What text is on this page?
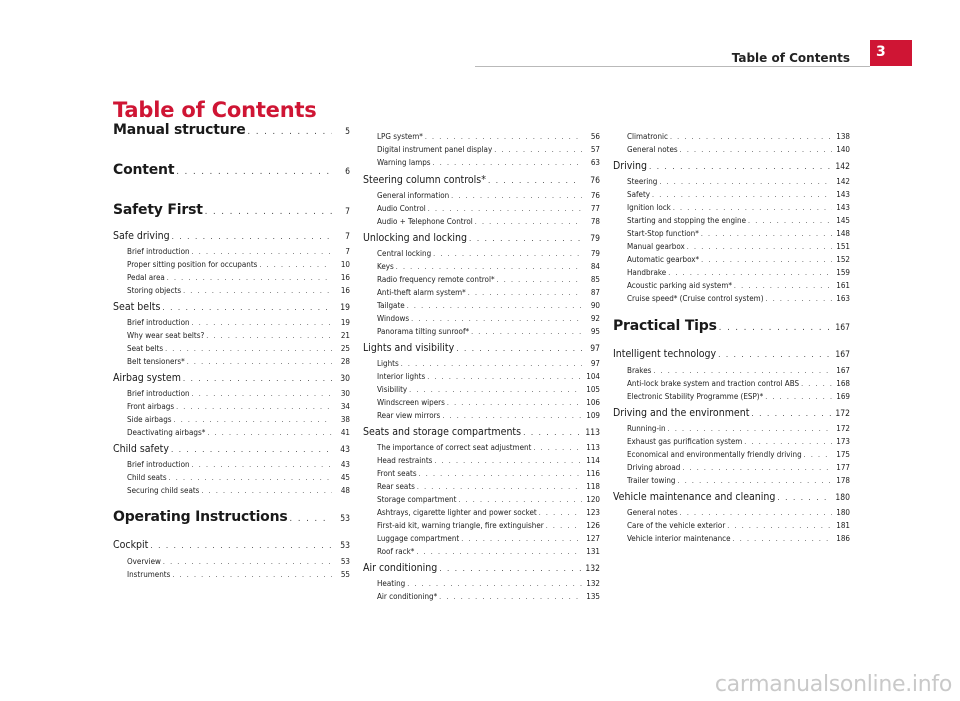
Table of Contents	3
Table of Contents
Manual structure . . .	5
Content . . .	6
Safety First . . .	7
Safe driving . . .	7
Brief introduction . . .	7
Proper sitting position for occupants . . .	10
Pedal area . . .	16
Storing objects . . .	16
Seat belts . . .	19
Brief introduction . . .	19
Why wear seat belts? . . .	21
Seat belts . . .	25
Belt tensioners* . . .	28
Airbag system . . .	30
Brief introduction . . .	30
Front airbags . . .	34
Side airbags . . .	38
Deactivating airbags* . . .	41
Child safety . . .	43
Brief introduction . . .	43
Child seats . . .	45
Securing child seats . . .	48
Operating Instructions . . .	53
Cockpit . . .	53
Overview . . .	53
Instruments . . .	55
LPG system* . . .	56
Digital instrument panel display . . .	57
Warning lamps . . .	63
Steering column controls* . . .	76
General information . . .	76
Audio Control . . .	77
Audio + Telephone Control . . .	78
Unlocking and locking . . .	79
Central locking . . .	79
Keys . . .	84
Radio frequency remote control* . . .	85
Anti-theft alarm system* . . .	87
Tailgate . . .	90
Windows . . .	92
Panorama tilting sunroof* . . .	95
Lights and visibility . . .	97
Lights . . .	97
Interior lights . . .	104
Visibility . . .	105
Windscreen wipers . . .	106
Rear view mirrors . . .	109
Seats and storage compartments . . .	113
The importance of correct seat adjustment . . .	113
Head restraints . . .	114
Front seats . . .	116
Rear seats . . .	118
Storage compartment . . .	120
Ashtrays, cigarette lighter and power socket . . .	123
First-aid kit, warning triangle, fire extinguisher . . .	126
Luggage compartment . . .	127
Roof rack* . . .	131
Air conditioning . . .	132
Heating . . .	132
Air conditioning* . . .	135
Climatronic . . .	138
General notes . . .	140
Driving . . .	142
Steering . . .	142
Safety . . .	143
Ignition lock . . .	143
Starting and stopping the engine . . .	145
Start-Stop function* . . .	148
Manual gearbox . . .	151
Automatic gearbox* . . .	152
Handbrake . . .	159
Acoustic parking aid system* . . .	161
Cruise speed* (Cruise control system) . . .	163
Practical Tips . . .	167
Intelligent technology . . .	167
Brakes . . .	167
Anti-lock brake system and traction control ABS . . .	168
Electronic Stability Programme (ESP)* . . .	169
Driving and the environment . . .	172
Running-in . . .	172
Exhaust gas purification system . . .	173
Economical and environmentally friendly driving . . .	175
Driving abroad . . .	177
Trailer towing . . .	178
Vehicle maintenance and cleaning . . .	180
General notes . . .	180
Care of the vehicle exterior . . .	181
Vehicle interior maintenance . . .	186
carmanualsonline.info
